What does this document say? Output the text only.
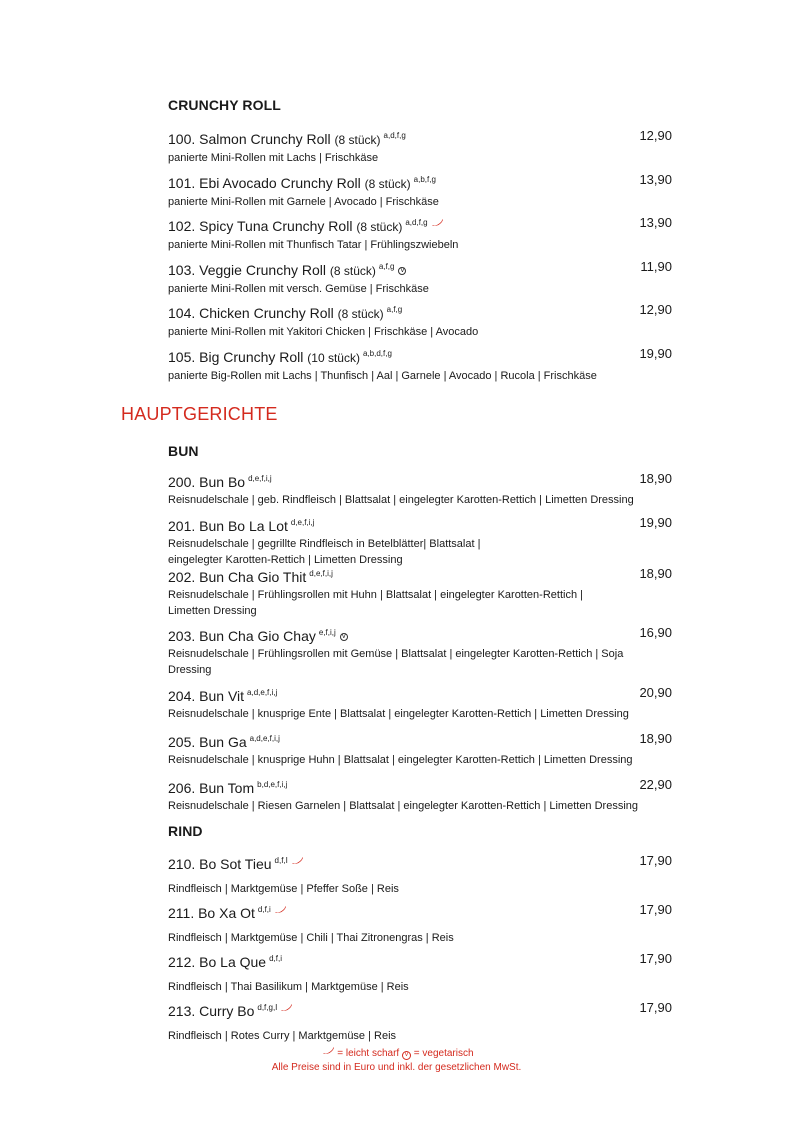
CRUNCHY ROLL
100. Salmon Crunchy Roll (8 stück) $^{a,d,f,g}$	12,90
panierte Mini-Rollen mit Lachs | Frischkäse
101. Ebi Avocado Crunchy Roll (8 stück) $^{a,b,f,g}$	13,90
panierte Mini-Rollen mit Garnele | Avocado | Frischkäse
102. Spicy Tuna Crunchy Roll (8 stück) $^{a,d,f,g}$	13,90
panierte Mini-Rollen mit Thunfisch Tatar | Frühlingszwiebeln
103. Veggie Crunchy Roll (8 stück) $^{a,f,g}$ V	11,90
panierte Mini-Rollen mit versch. Gemüse | Frischkäse
104. Chicken Crunchy Roll (8 stück) $^{a,f,g}$	12,90
panierte Mini-Rollen mit Yakitori Chicken | Frischkäse | Avocado
105. Big Crunchy Roll (10 stück) $^{a,b,d,f,g}$	19,90
panierte Big-Rollen mit Lachs | Thunfisch | Aal | Garnele | Avocado | Rucola | Frischkäse
HAUPTGERICHTE
BUN
200. Bun Bo $^{d,e,f,i,j}$	18,90
Reisnudelschale | geb. Rindfleisch | Blattsalat | eingelegter Karotten-Rettich | Limetten Dressing
201. Bun Bo La Lot $^{d,e,f,i,j}$	19,90
Reisnudelschale | gegrillte Rindfleisch in Betelblätter| Blattsalat | eingelegter Karotten-Rettich | Limetten Dressing
202. Bun Cha Gio Thit $^{d,e,f,i,j}$	18,90
Reisnudelschale | Frühlingsrollen mit Huhn | Blattsalat | eingelegter Karotten-Rettich | Limetten Dressing
203. Bun Cha Gio Chay $^{e,f,i,j}$ V	16,90
Reisnudelschale | Frühlingsrollen mit Gemüse | Blattsalat | eingelegter Karotten-Rettich | Soja Dressing
204. Bun Vit $^{a,d,e,f,i,j}$	20,90
Reisnudelschale | knusprige Ente | Blattsalat | eingelegter Karotten-Rettich | Limetten Dressing
205. Bun Ga $^{a,d,e,f,i,j}$	18,90
Reisnudelschale | knusprige Huhn | Blattsalat | eingelegter Karotten-Rettich | Limetten Dressing
206. Bun Tom $^{b,d,e,f,i,j}$	22,90
Reisnudelschale | Riesen Garnelen | Blattsalat | eingelegter Karotten-Rettich | Limetten Dressing
RIND
210. Bo Sot Tieu $^{d,f,I}$	17,90
Rindfleisch | Marktgemüse | Pfeffer Soße | Reis
211. Bo Xa Ot $^{d,f,i}$	17,90
Rindfleisch | Marktgemüse | Chili | Thai Zitronengras | Reis
212. Bo La Que $^{d,f,i}$	17,90
Rindfleisch | Thai Basilikum | Marktgemüse | Reis
213. Curry Bo $^{d,f,g,I}$	17,90
Rindfleisch | Rotes Curry | Marktgemüse | Reis
= leicht scharf V = vegetarisch
Alle Preise sind in Euro und inkl. der gesetzlichen MwSt.
